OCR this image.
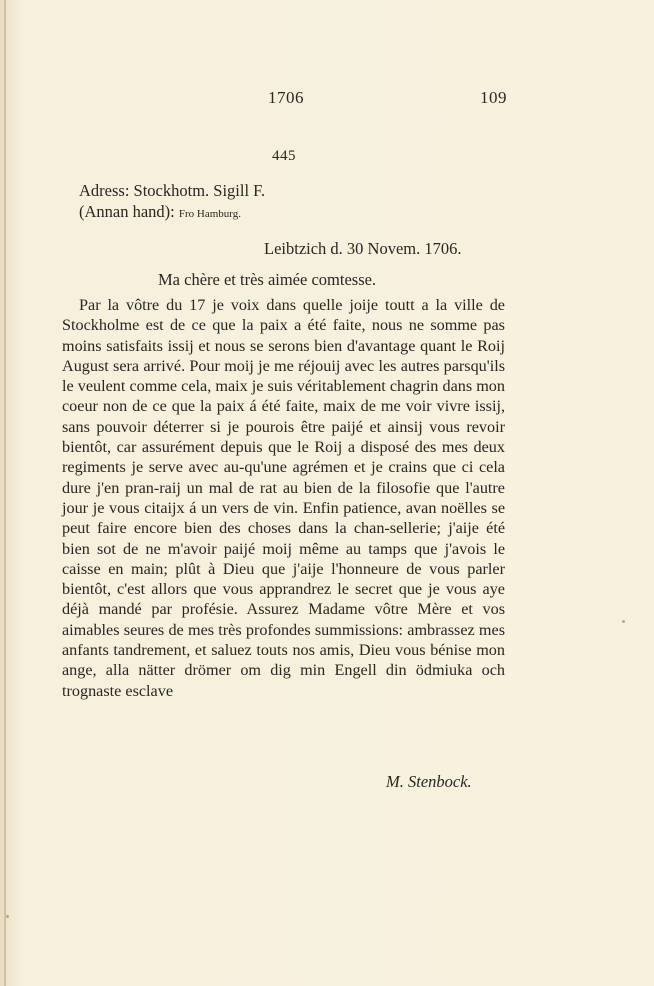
1706	109
445
Adress: Stockhotm. Sigill F.
(Annan hand): Fro Hamburg.
Leibtzich d. 30 Novem. 1706.
Ma chère et très aimée comtesse.

Par la vôtre du 17 je voix dans quelle joije toutt a la ville de Stockholme est de ce que la paix a été faite, nous ne somme pas moins satisfaits issij et nous se serons bien d'avantage quant le Roij August sera arrivé. Pour moij je me réjouij avec les autres parsqu'ils le veulent comme cela, maix je suis véritablement chagrin dans mon coeur non de ce que la paix á été faite, maix de me voir vivre issij, sans pouvoir déterrer si je pourois être paijé et ainsij vous revoir bientôt, car assurément depuis que le Roij a disposé des mes deux regiments je serve avec au-qu'une agrémen et je crains que ci cela dure j'en pran-raij un mal de rat au bien de la filosofie que l'autre jour je vous citaijx á un vers de vin. Enfin patience, avan noëlles se peut faire encore bien des choses dans la chan-sellerie; j'aije été bien sot de ne m'avoir paijé moij même au tamps que j'avois le caisse en main; plût à Dieu que j'aije l'honneure de vous parler bientôt, c'est allors que vous apprandrez le secret que je vous aye déjà mandé par profésie. Assurez Madame vôtre Mère et vos aimables seures de mes très profondes summissions: ambrassez mes anfants tandrement, et saluez touts nos amis, Dieu vous bénise mon ange, alla nätter drömer om dig min Engell din ödmiuka och trognaste esclave

M. Stenbock.
